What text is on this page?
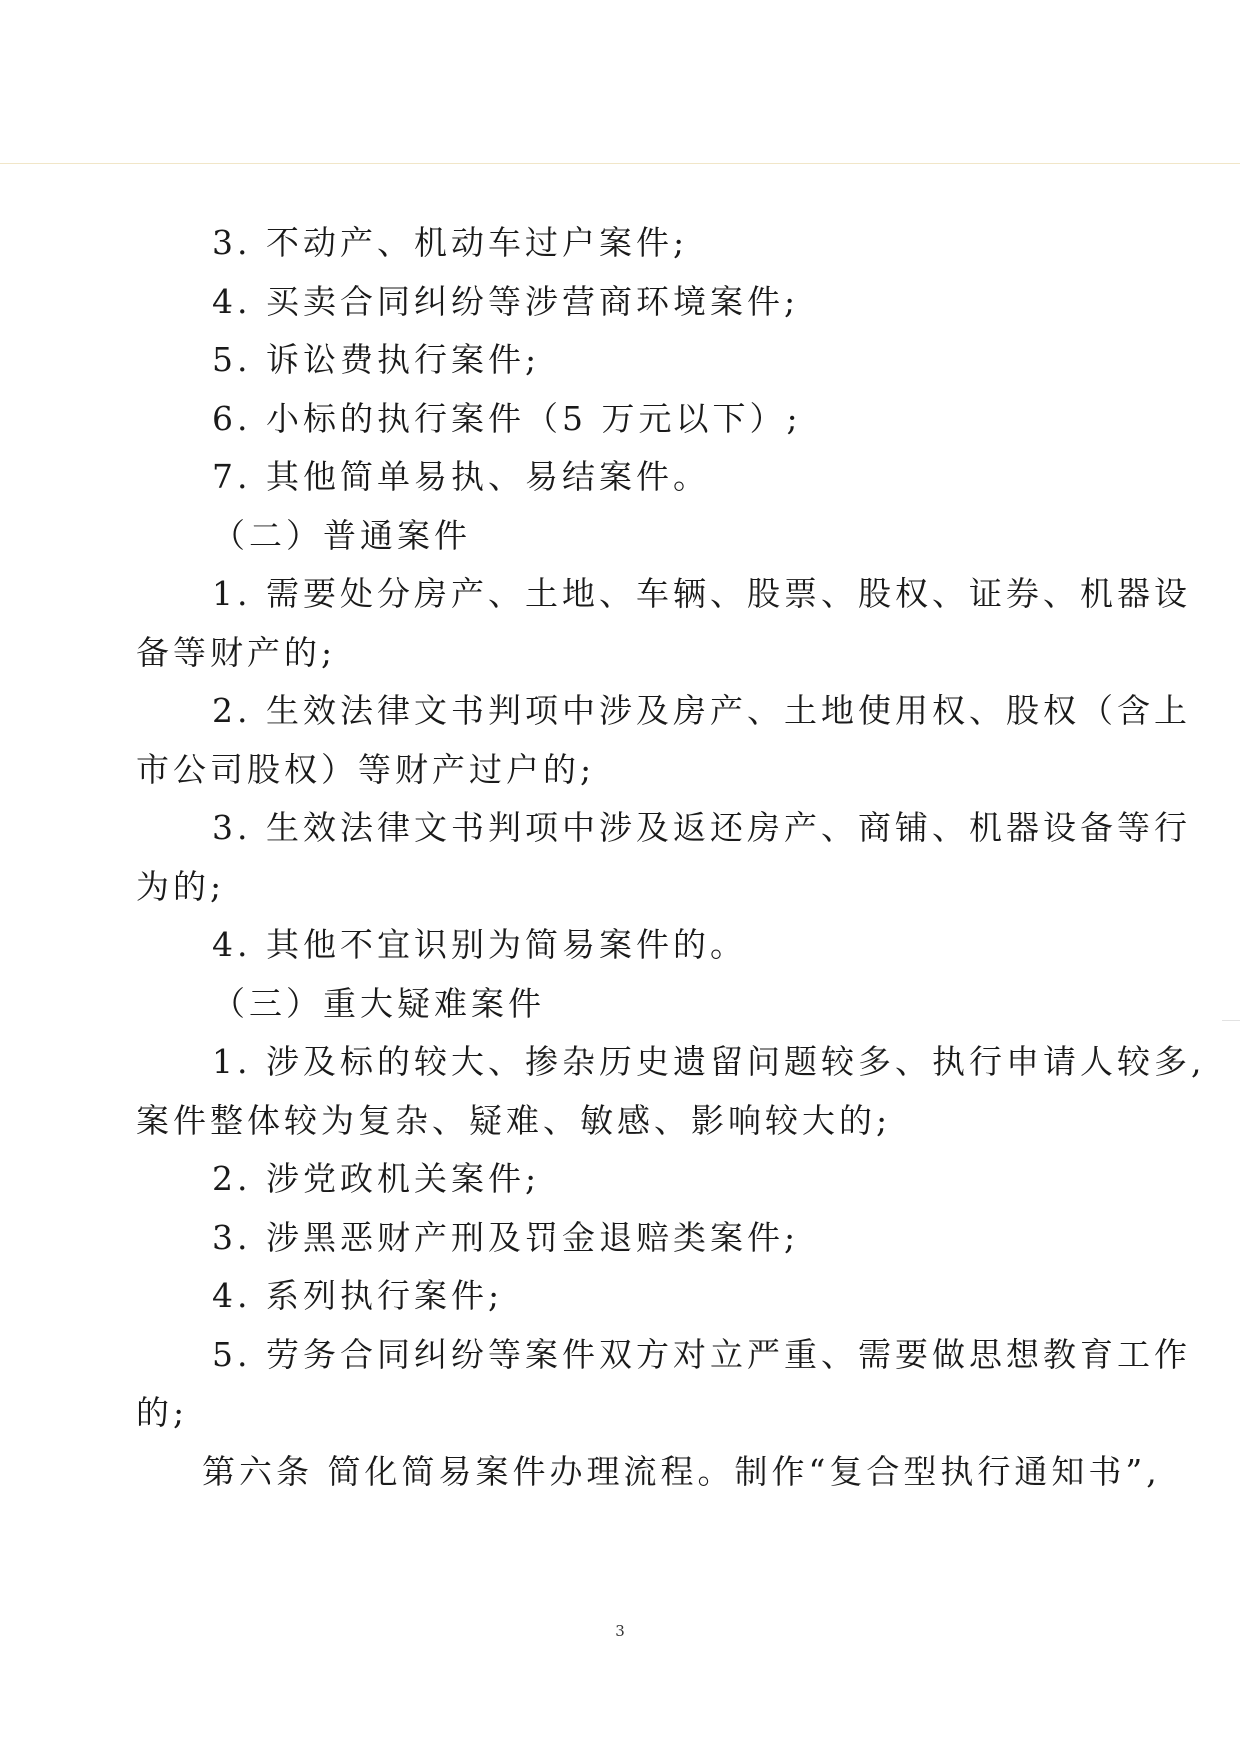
3. 不动产、机动车过户案件;
4. 买卖合同纠纷等涉营商环境案件;
5. 诉讼费执行案件;
6. 小标的执行案件（5 万元以下）;
7. 其他简单易执、易结案件。
（二）普通案件
1. 需要处分房产、土地、车辆、股票、股权、证券、机器设
备等财产的;
2. 生效法律文书判项中涉及房产、土地使用权、股权（含上
市公司股权）等财产过户的;
3. 生效法律文书判项中涉及返还房产、商铺、机器设备等行
为的;
4. 其他不宜识别为简易案件的。
（三）重大疑难案件
1. 涉及标的较大、掺杂历史遗留问题较多、执行申请人较多,
案件整体较为复杂、疑难、敏感、影响较大的;
2. 涉党政机关案件;
3. 涉黑恶财产刑及罚金退赔类案件;
4. 系列执行案件;
5. 劳务合同纠纷等案件双方对立严重、需要做思想教育工作
的;
第六条 简化简易案件办理流程。制作“复合型执行通知书”,
3
